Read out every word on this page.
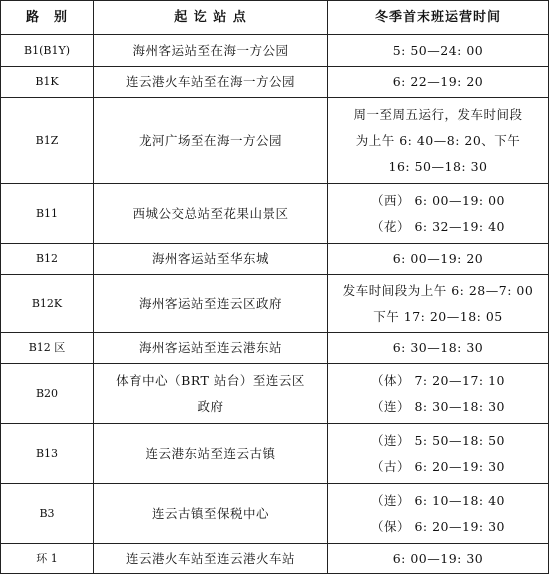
路　别	起 讫 站 点	冬季首末班运营时间
B1(B1Y)	海州客运站至在海一方公园	5: 50—24: 00

B1K	连云港火车站至在海一方公园	6: 22—19: 20

B1Z	龙河广场至在海一方公园	周一至周五运行，发车时间段
为上午 6: 40—8: 20、下午
16: 50—18: 30

B11	西城公交总站至花果山景区	（西） 6: 00—19: 00
（花） 6: 32—19: 40

B12	海州客运站至华东城	6: 00—19: 20

B12K	海州客运站至连云区政府	发车时间段为上午 6: 28—7: 00
下午 17: 20—18: 05

B12 区	海州客运站至连云港东站	6: 30—18: 30

B20	体育中心（BRT 站台）至连云区
政府	（体） 7: 20—17: 10
（连） 8: 30—18: 30

B13	连云港东站至连云古镇	（连） 5: 50—18: 50
（古） 6: 20—19: 30

B3	连云古镇至保税中心	（连） 6: 10—18: 40
（保） 6: 20—19: 30

环 1	连云港火车站至连云港火车站	6: 00—19: 30
